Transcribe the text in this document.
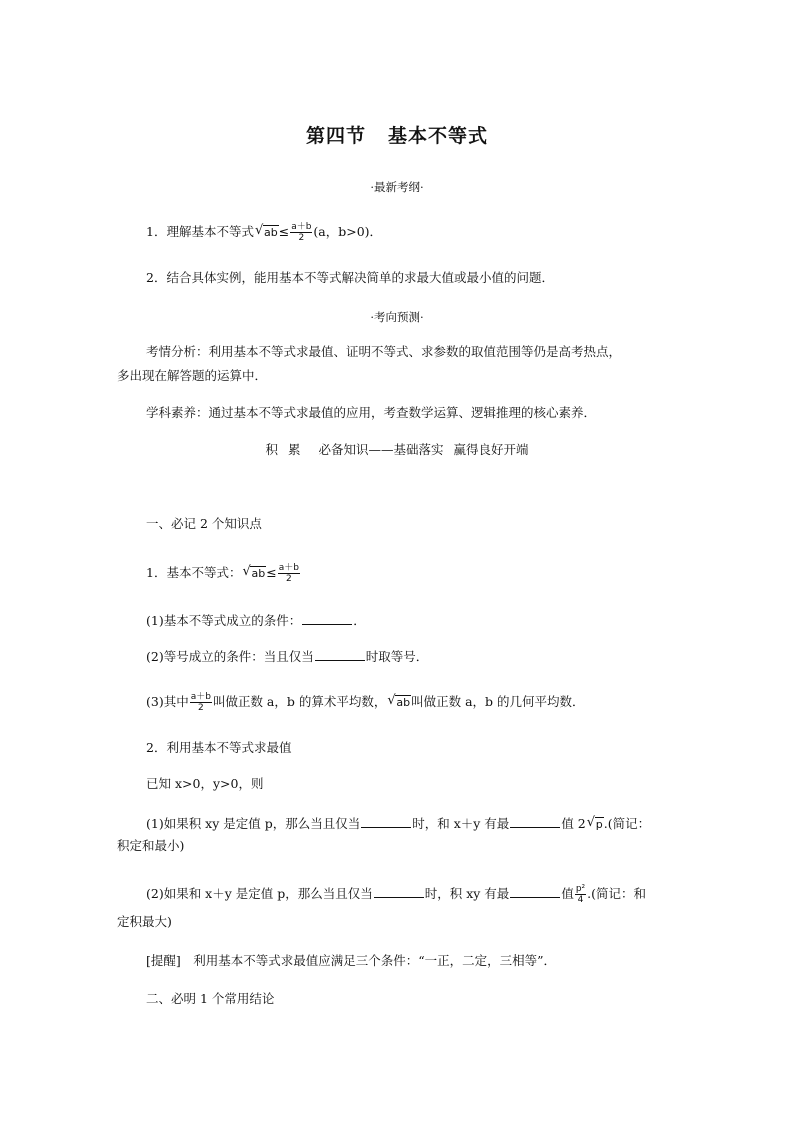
第四节 基本不等式
·最新考纲·
1．理解基本不等式 √ $ab\le \frac{a+b}{2} (a$，b>0)．
2．结合具体实例，能用基本不等式解决简单的求最大值或最小值的问题．
·考向预测·
考情分析：利用基本不等式求最值、证明不等式、求参数的取值范围等仍是高考热点，
多出现在解答题的运算中．
学科素养：通过基本不等式求最值的应用，考查数学运算、逻辑推理的核心素养．
积 累 必备知识——基础落实 赢得良好开端
一、必记 2 个知识点
1．基本不等式： √ $ab\le \frac{a+b}{2}$
(1)基本不等式成立的条件：	．
(2)等号成立的条件：当且仅当	时取等号．
(3)其中 $\frac{a+b}{2}$ 叫做正数 a，b 的算术平均数， √ ab叫做正数 a，b 的几何平均数．
2．利用基本不等式求最值
已知 x>0，y>0，则
(1)如果积 xy 是定值 p，那么当且仅当	时，和 x＋y 有最	值 2 √ p.(简记：
积定和最小)
(2)如果和 x＋y 是定值 p，那么当且仅当	时，积 xy 有最	值 $\frac{\text{p²}}{4}$ .(简记：和
定积最大)
[提醒]　利用基本不等式求最值应满足三个条件：“一正，二定，三相等”．
二、必明 1 个常用结论
